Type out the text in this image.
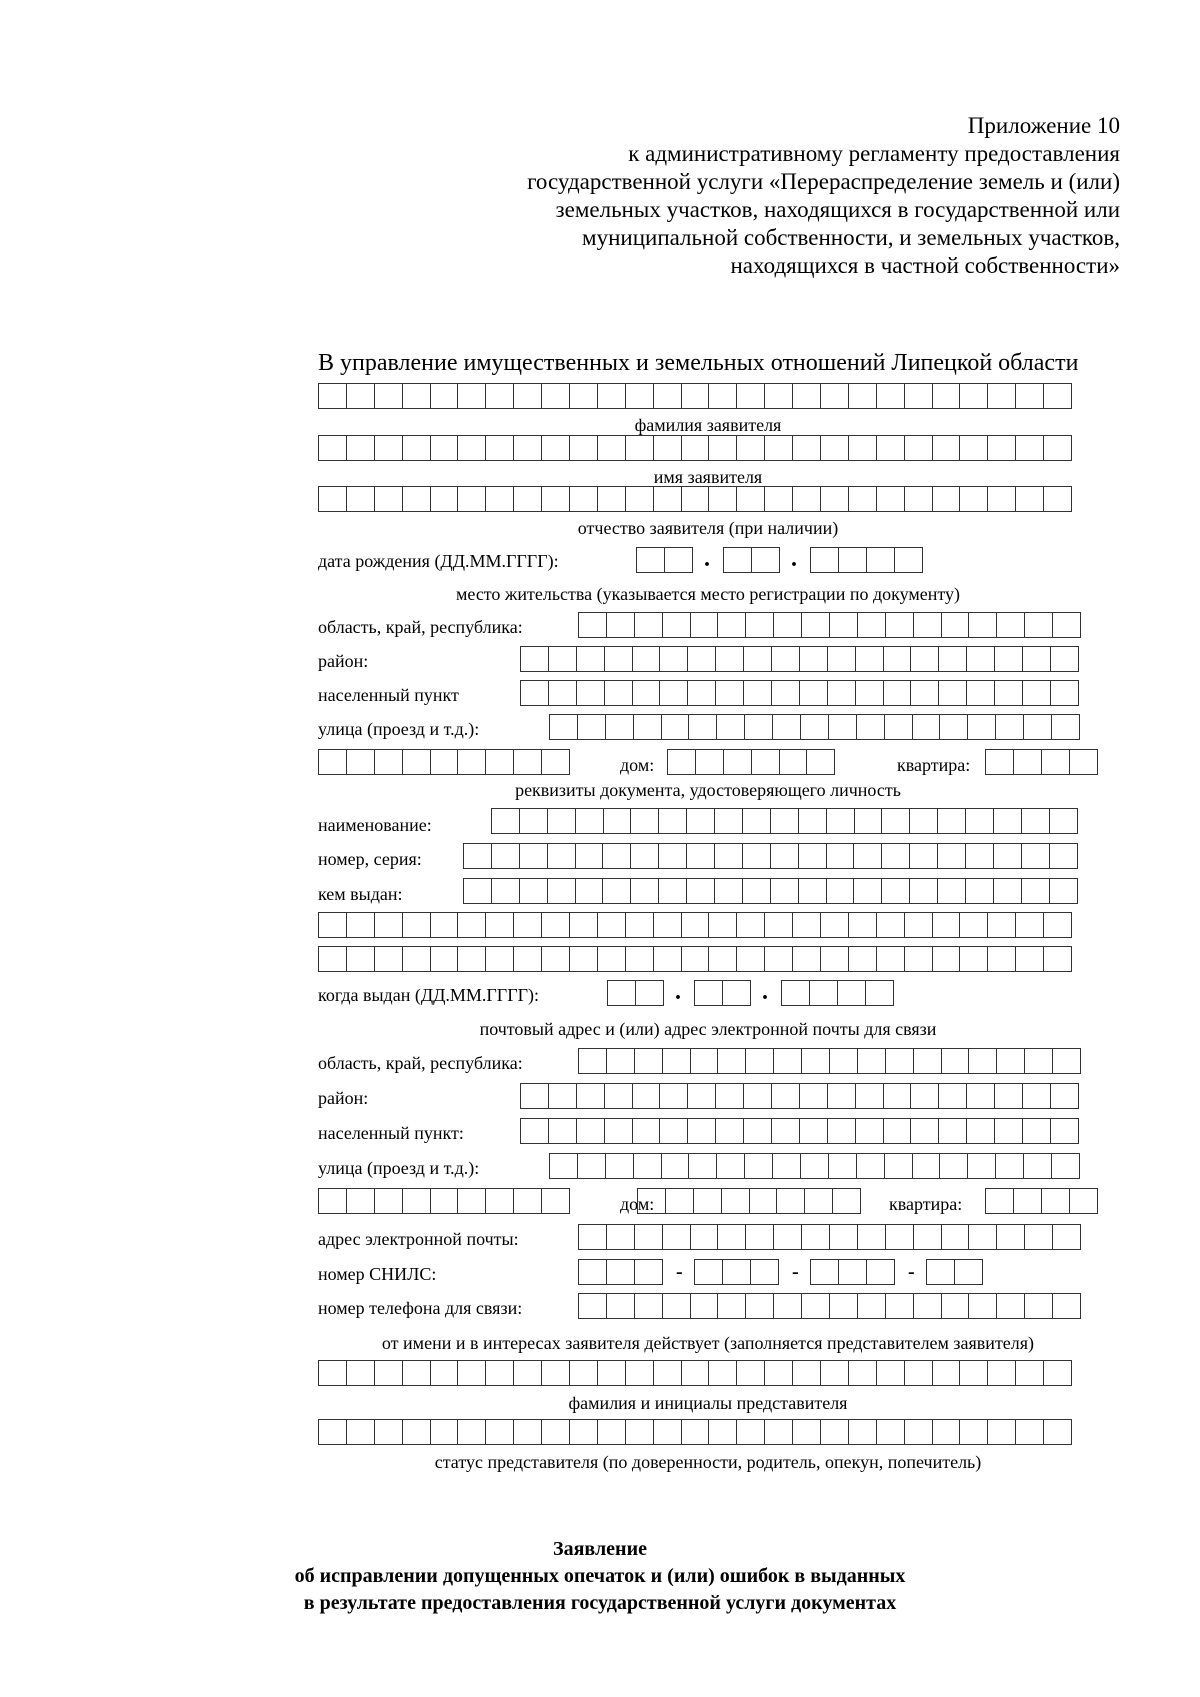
Приложение 10
к административному регламенту предоставления
государственной услуги «Перераспределение земель и (или)
земельных участков, находящихся в государственной или
муниципальной собственности, и земельных участков,
находящихся в частной собственности»
В управление имущественных и земельных отношений Липецкой области
фамилия заявителя
имя заявителя
отчество заявителя (при наличии)
дата рождения (ДД.ММ.ГГГГ):	.	.
место жительства (указывается место регистрации по документу)
область, край, республика:
район:
населенный пункт
улица (проезд и т.д.):
дом:	квартира:
реквизиты документа, удостоверяющего личность
наименование:
номер, серия:
кем выдан:
когда выдан (ДД.ММ.ГГГГ):	.	.
почтовый адрес и (или) адрес электронной почты для связи
область, край, республика:
район:
населенный пункт:
улица (проезд и т.д.):
дом:	квартира:
адрес электронной почты:
номер СНИЛС:	-	-	-
номер телефона для связи:
от имени и в интересах заявителя действует (заполняется представителем заявителя)
фамилия и инициалы представителя
статус представителя (по доверенности, родитель, опекун, попечитель)
Заявление
об исправлении допущенных опечаток и (или) ошибок в выданных
в результате предоставления государственной услуги документах
